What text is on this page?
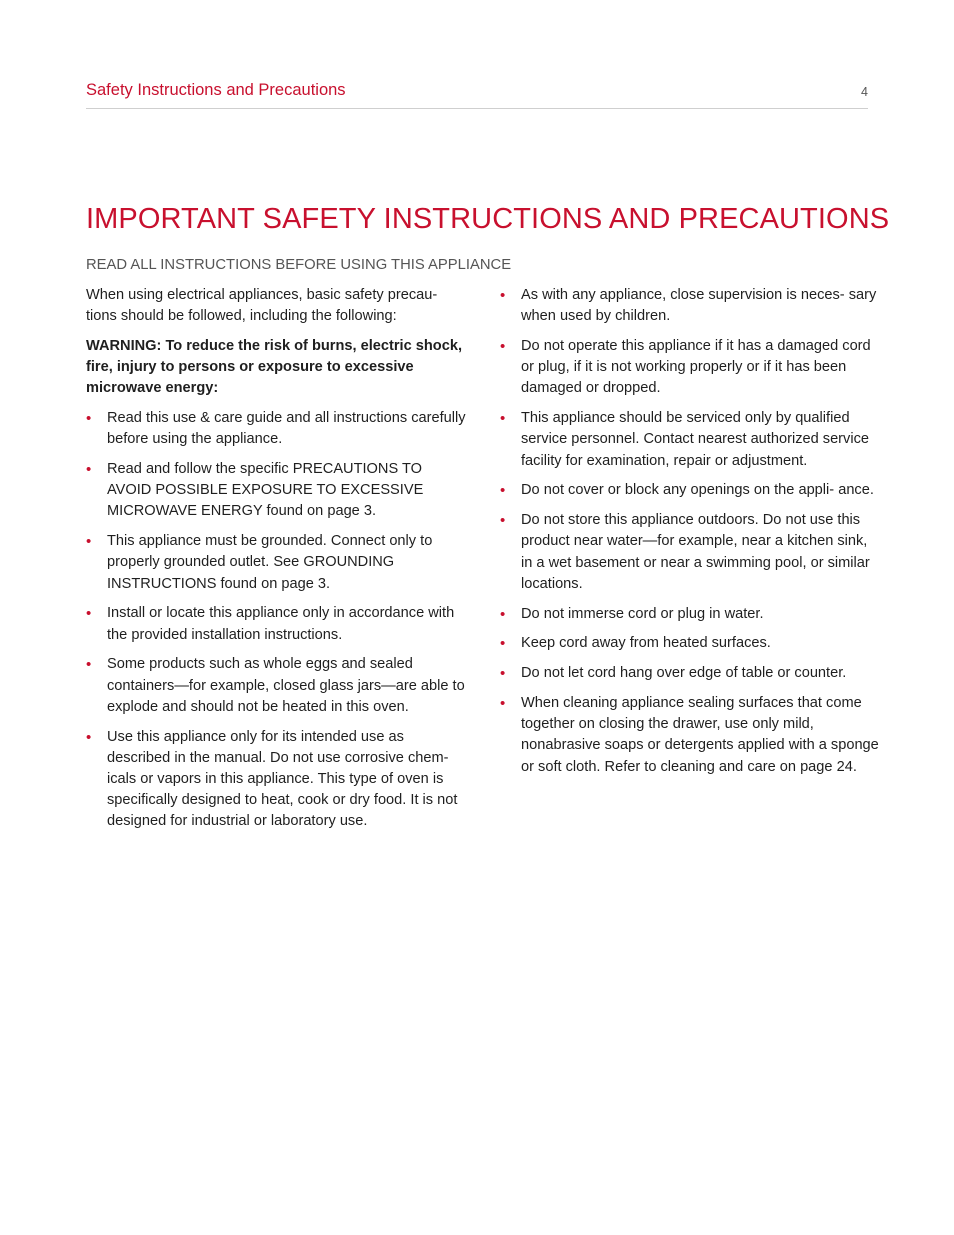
Safety Instructions and Precautions	4
IMPORTANT SAFETY INSTRUCTIONS AND PRECAUTIONS
READ ALL INSTRUCTIONS BEFORE USING THIS APPLIANCE

When using electrical appliances, basic safety precau- tions should be followed, including the following:

WARNING: To reduce the risk of burns, electric shock, fire, injury to persons or exposure to excessive microwave energy:

• Read this use & care guide and all instructions carefully before using the appliance.
• Read and follow the specific PRECAUTIONS TO AVOID POSSIBLE EXPOSURE TO EXCESSIVE MICROWAVE ENERGY found on page 3.
• This appliance must be grounded. Connect only to properly grounded outlet. See GROUNDING INSTRUCTIONS found on page 3.
• Install or locate this appliance only in accordance with the provided installation instructions.
• Some products such as whole eggs and sealed containers—for example, closed glass jars—are able to explode and should not be heated in this oven.
• Use this appliance only for its intended use as described in the manual. Do not use corrosive chem- icals or vapors in this appliance. This type of oven is specifically designed to heat, cook or dry food. It is not designed for industrial or laboratory use.
• As with any appliance, close supervision is neces- sary when used by children.
• Do not operate this appliance if it has a damaged cord or plug, if it is not working properly or if it has been damaged or dropped.
• This appliance should be serviced only by qualified service personnel. Contact nearest authorized service facility for examination, repair or adjustment.
• Do not cover or block any openings on the appli- ance.
• Do not store this appliance outdoors. Do not use this product near water—for example, near a kitchen sink, in a wet basement or near a swimming pool, or similar locations.
• Do not immerse cord or plug in water.
• Keep cord away from heated surfaces.
• Do not let cord hang over edge of table or counter.
• When cleaning appliance sealing surfaces that come together on closing the drawer, use only mild, nonabrasive soaps or detergents applied with a sponge or soft cloth. Refer to cleaning and care on page 24.
